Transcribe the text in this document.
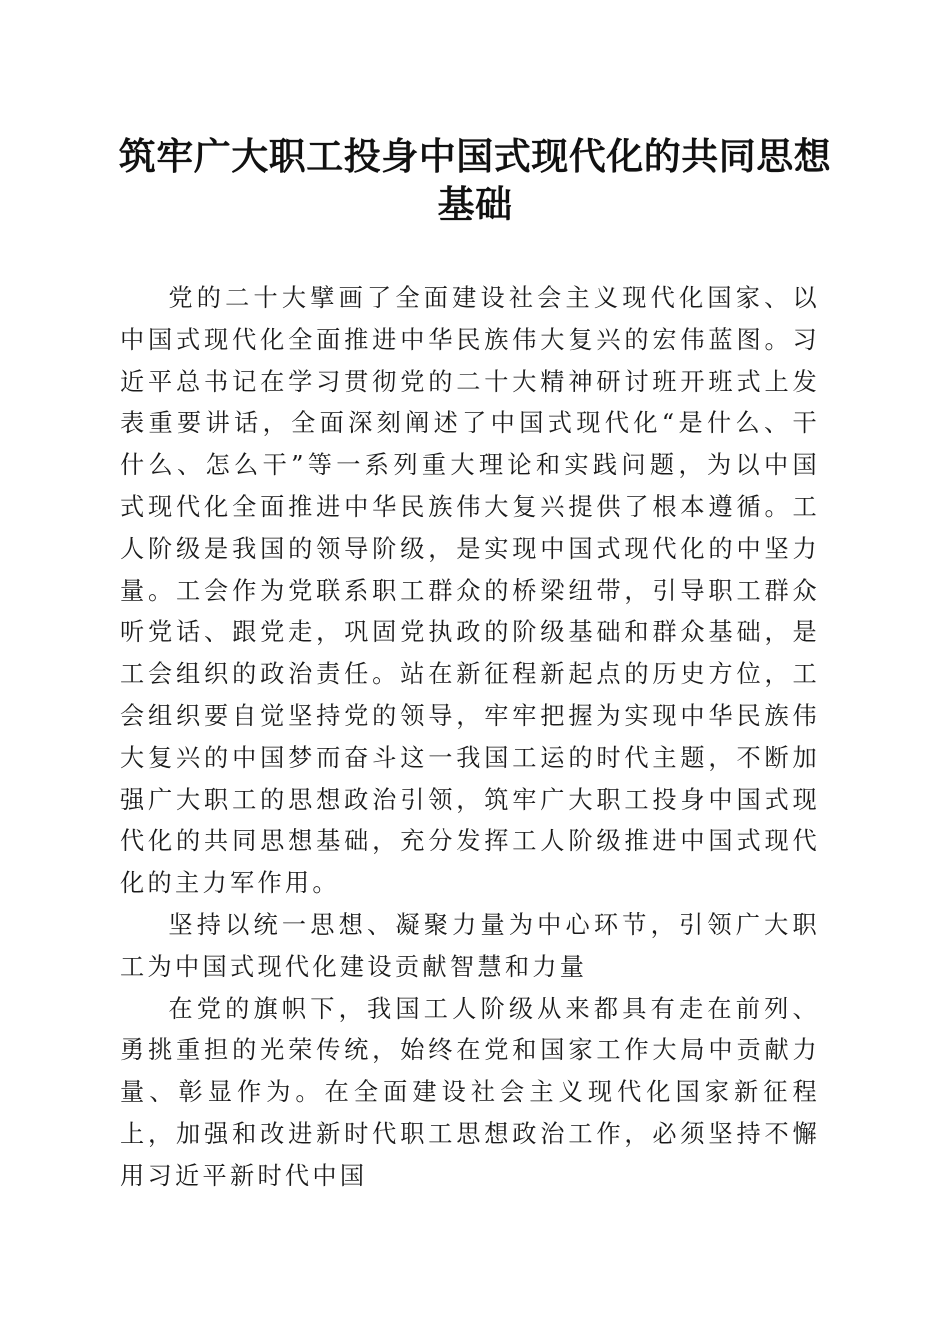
筑牢广大职工投身中国式现代化的共同思想基础

党的二十大擘画了全面建设社会主义现代化国家、以中国式现代化全面推进中华民族伟大复兴的宏伟蓝图。习近平总书记在学习贯彻党的二十大精神研讨班开班式上发表重要讲话，全面深刻阐述了中国式现代化“是什么、干什么、怎么干”等一系列重大理论和实践问题，为以中国式现代化全面推进中华民族伟大复兴提供了根本遵循。工人阶级是我国的领导阶级，是实现中国式现代化的中坚力量。工会作为党联系职工群众的桥梁纽带，引导职工群众听党话、跟党走，巩固党执政的阶级基础和群众基础，是工会组织的政治责任。站在新征程新起点的历史方位，工会组织要自觉坚持党的领导，牢牢把握为实现中华民族伟大复兴的中国梦而奋斗这一我国工运的时代主题，不断加强广大职工的思想政治引领，筑牢广大职工投身中国式现代化的共同思想基础，充分发挥工人阶级推进中国式现代化的主力军作用。

坚持以统一思想、凝聚力量为中心环节，引领广大职工为中国式现代化建设贡献智慧和力量

在党的旗帜下，我国工人阶级从来都具有走在前列、勇挑重担的光荣传统，始终在党和国家工作大局中贡献力量、彰显作为。在全面建设社会主义现代化国家新征程上，加强和改进新时代职工思想政治工作，必须坚持不懈用习近平新时代中国
